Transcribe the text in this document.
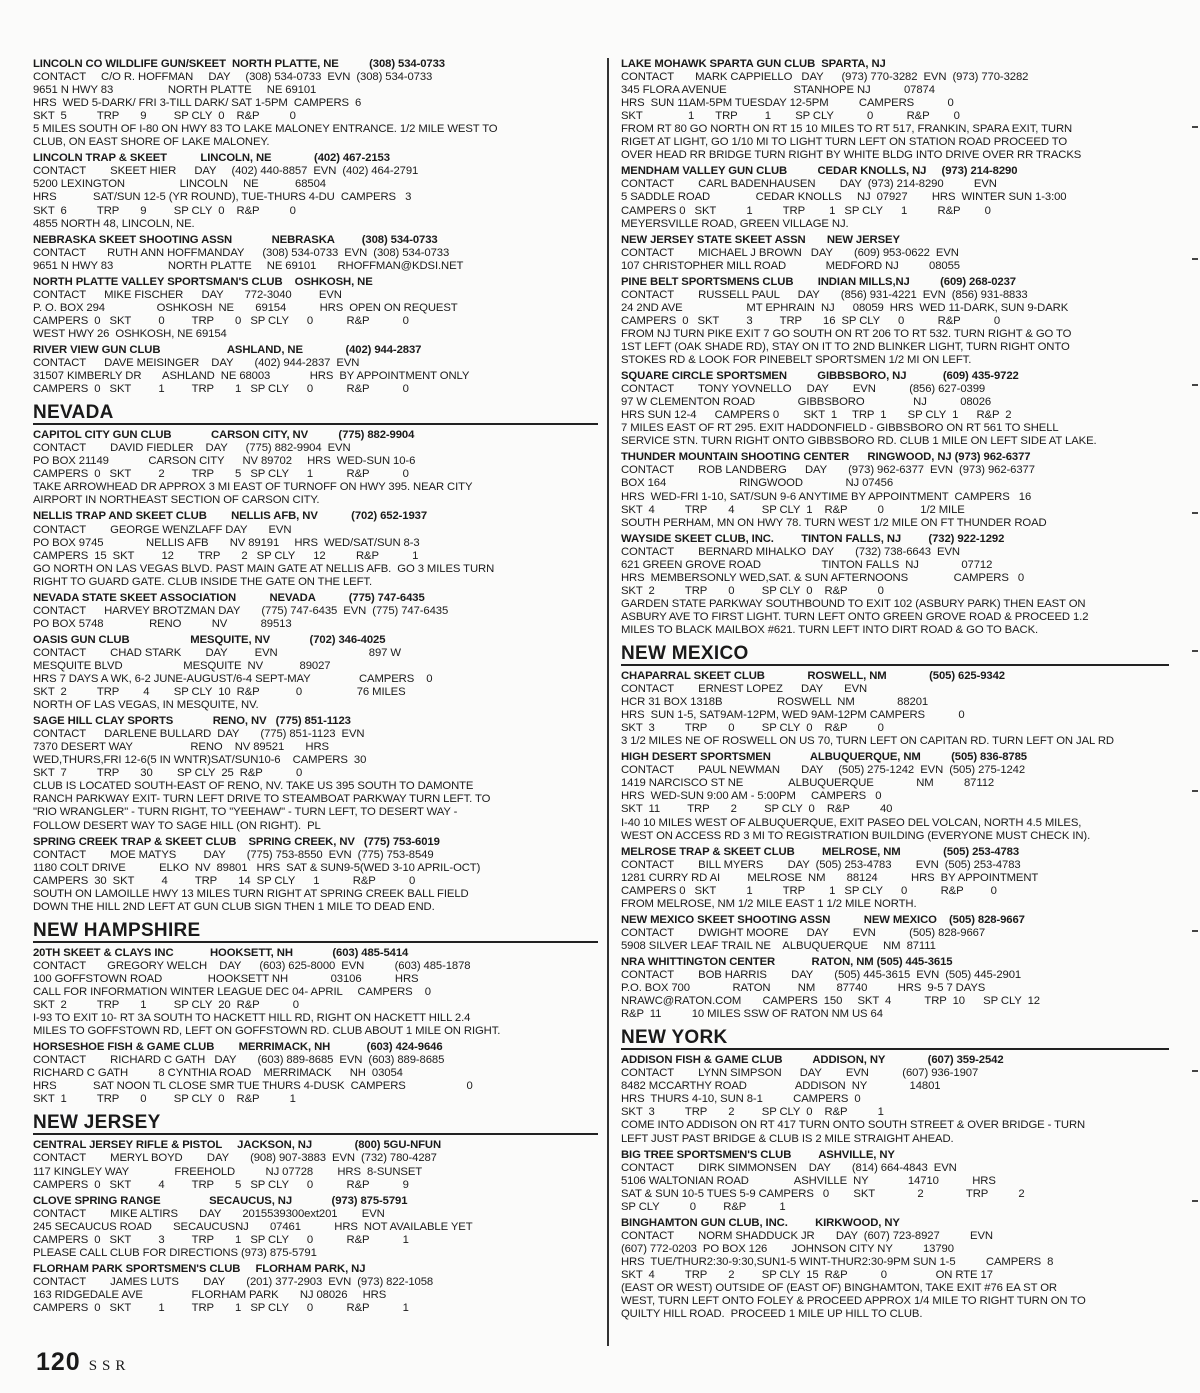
LINCOLN CO WILDLIFE GUN/SKEET  NORTH PLATTE, NE          (308) 534-0733
CONTACT     C/O R. HOFFMAN     DAY     (308) 534-0733  EVN  (308) 534-0733
9651 N HWY 83                  NORTH PLATTE     NE 69101
HRS  WED 5-DARK/ FRI 3-TILL DARK/ SAT 1-5PM  CAMPERS  6
SKT  5          TRP       9         SP CLY  0    R&P          0
5 MILES SOUTH OF I-80 ON HWY 83 TO LAKE MALONEY ENTRANCE. 1/2 MILE WEST TO
CLUB, ON EAST SHORE OF LAKE MALONEY.
LINCOLN TRAP & SKEET           LINCOLN, NE              (402) 467-2153
CONTACT        SKEET HIER      DAY     (402) 440-8857  EVN  (402) 464-2791
5200 LEXINGTON                  LINCOLN     NE            68504
HRS            SAT/SUN 12-5 (YR ROUND), TUE-THURS 4-DU  CAMPERS   3
SKT  6          TRP       9         SP CLY  0    R&P          0
4855 NORTH 48, LINCOLN, NE.
NEBRASKA SKEET SHOOTING ASSN             NEBRASKA         (308) 534-0733
CONTACT       RUTH ANN HOFFMANDAY      (308) 534-0733  EVN  (308) 534-0733
9651 N HWY 83                  NORTH PLATTE     NE 69101       RHOFFMAN@KDSI.NET
NORTH PLATTE VALLEY SPORTSMAN'S CLUB    OSHKOSH, NE
CONTACT      MIKE FISCHER      DAY       772-3040         EVN
P. O. BOX 294                 OSHKOSH  NE       69154           HRS  OPEN ON REQUEST
CAMPERS  0   SKT         0         TRP       0   SP CLY      0           R&P           0
WEST HWY 26  OSHKOSH, NE 69154
RIVER VIEW GUN CLUB                      ASHLAND, NE              (402) 944-2837
CONTACT      DAVE MEISINGER    DAY       (402) 944-2837  EVN
31507 KIMBERLY DR       ASHLAND  NE 68003             HRS  BY APPOINTMENT ONLY
CAMPERS  0   SKT         1         TRP       1   SP CLY      0           R&P           0
NEVADA
CAPITOL CITY GUN CLUB             CARSON CITY, NV          (775) 882-9904
CONTACT        DAVID FIEDLER    DAY      (775) 882-9904  EVN
PO BOX 21149             CARSON CITY      NV 89702     HRS  WED-SUN 10-6
CAMPERS  0   SKT         2         TRP       5   SP CLY      1           R&P           0
TAKE ARROWHEAD DR APPROX 3 MI EAST OF TURNOFF ON HWY 395. NEAR CITY
AIRPORT IN NORTHEAST SECTION OF CARSON CITY.
NELLIS TRAP AND SKEET CLUB        NELLIS AFB, NV           (702) 652-1937
CONTACT        GEORGE WENZLAFF DAY       EVN
PO BOX 9745              NELLIS AFB       NV 89191     HRS  WED/SAT/SUN 8-3
CAMPERS  15  SKT         12        TRP       2   SP CLY      12          R&P           1
GO NORTH ON LAS VEGAS BLVD. PAST MAIN GATE AT NELLIS AFB.  GO 3 MILES TURN
RIGHT TO GUARD GATE. CLUB INSIDE THE GATE ON THE LEFT.
NEVADA STATE SKEET ASSOCIATION           NEVADA           (775) 747-6435
CONTACT      HARVEY BROTZMAN DAY       (775) 747-6435  EVN  (775) 747-6435
PO BOX 5748               RENO          NV           89513
OASIS GUN CLUB                    MESQUITE, NV             (702) 346-4025
CONTACT        CHAD STARK        DAY         EVN                              897 W
MESQUITE BLVD                    MESQUITE  NV            89027
HRS 7 DAYS A WK, 6-2 JUNE-AUGUST/6-4 SEPT-MAY                CAMPERS    0
SKT  2          TRP        4        SP CLY  10  R&P            0                  76 MILES
NORTH OF LAS VEGAS, IN MESQUITE, NV.
SAGE HILL CLAY SPORTS             RENO, NV   (775) 851-1123
CONTACT      DARLENE BULLARD  DAY       (775) 851-1123  EVN
7370 DESERT WAY                   RENO    NV 89521       HRS
WED,THURS,FRI 12-6(5 IN WNTR)SAT/SUN10-6    CAMPERS  30
SKT  7          TRP       30        SP CLY  25  R&P           0
CLUB IS LOCATED SOUTH-EAST OF RENO, NV. TAKE US 395 SOUTH TO DAMONTE
RANCH PARKWAY EXIT- TURN LEFT DRIVE TO STEAMBOAT PARKWAY TURN LEFT. TO
"RIO WRANGLER" - TURN RIGHT, TO "YEEHAW" - TURN LEFT, TO DESERT WAY -
FOLLOW DESERT WAY TO SAGE HILL (ON RIGHT).  PL
SPRING CREEK TRAP & SKEET CLUB    SPRING CREEK, NV   (775) 753-6019
CONTACT        MOE MATYS         DAY       (775) 753-8550  EVN  (775) 753-8549
1180 COLT DRIVE           ELKO  NV  89801   HRS  SAT & SUN9-5(WED 3-10 APRIL-OCT)
CAMPERS  30  SKT         4         TRP       14  SP CLY      1           R&P           0
SOUTH ON LAMOILLE HWY 13 MILES TURN RIGHT AT SPRING CREEK BALL FIELD
DOWN THE HILL 2ND LEFT AT GUN CLUB SIGN THEN 1 MILE TO DEAD END.
NEW HAMPSHIRE
20TH SKEET & CLAYS INC            HOOKSETT, NH             (603) 485-5414
CONTACT       GREGORY WELCH    DAY      (603) 625-8000  EVN          (603) 485-1878
100 GOFFSTOWN ROAD               HOOKSETT NH              03106           HRS
CALL FOR INFORMATION WINTER LEAGUE DEC 04- APRIL     CAMPERS    0
SKT  2          TRP       1         SP CLY  20  R&P           0
I-93 TO EXIT 10- RT 3A SOUTH TO HACKETT HILL RD, RIGHT ON HACKETT HILL 2.4
MILES TO GOFFSTOWN RD, LEFT ON GOFFSTOWN RD. CLUB ABOUT 1 MILE ON RIGHT.
HORSESHOE FISH & GAME CLUB        MERRIMACK, NH            (603) 424-9646
CONTACT        RICHARD C GATH   DAY       (603) 889-8685  EVN  (603) 889-8685
RICHARD C GATH          8 CYNTHIA ROAD    MERRIMACK      NH  03054
HRS            SAT NOON TL CLOSE SMR TUE THURS 4-DUSK  CAMPERS                    0
SKT  1          TRP       0         SP CLY  0    R&P          1
NEW JERSEY
CENTRAL JERSEY RIFLE & PISTOL     JACKSON, NJ              (800) 5GU-NFUN
CONTACT        MERYL BOYD        DAY       (908) 907-3883  EVN  (732) 780-4287
117 KINGLEY WAY               FREEHOLD          NJ 07728        HRS  8-SUNSET
CAMPERS  0   SKT         4         TRP       5   SP CLY      0           R&P           9
CLOVE SPRING RANGE                SECAUCUS, NJ             (973) 875-5791
CONTACT        MIKE ALTIRS       DAY       2015539300ext201        EVN
245 SECAUCUS ROAD       SECAUCUSNJ       07461           HRS  NOT AVAILABLE YET
CAMPERS  0   SKT         3         TRP       1   SP CLY      0           R&P           1
PLEASE CALL CLUB FOR DIRECTIONS (973) 875-5791
FLORHAM PARK SPORTSMEN'S CLUB     FLORHAM PARK, NJ
CONTACT        JAMES LUTS        DAY       (201) 377-2903  EVN  (973) 822-1058
163 RIDGEDALE AVE                FLORHAM PARK       NJ 08026     HRS
CAMPERS  0   SKT         1         TRP       1   SP CLY      0           R&P           1
LAKE MOHAWK SPARTA GUN CLUB  SPARTA, NJ
CONTACT       MARK CAPPIELLO   DAY      (973) 770-3282  EVN  (973) 770-3282
345 FLORA AVENUE                      STANHOPE NJ           07874
HRS  SUN 11AM-5PM TUESDAY 12-5PM          CAMPERS           0
SKT               1       TRP         1        SP CLY           0           R&P        0
FROM RT 80 GO NORTH ON RT 15 10 MILES TO RT 517, FRANKIN, SPARA EXIT, TURN
RIGET AT LIGHT, GO 1/10 MI TO LIGHT TURN LEFT ON STATION ROAD PROCEED TO
OVER HEAD RR BRIDGE TURN RIGHT BY WHITE BLDG INTO DRIVE OVER RR TRACKS
MENDHAM VALLEY GUN CLUB          CEDAR KNOLLS, NJ     (973) 214-8290
CONTACT        CARL BADENHAUSEN        DAY  (973) 214-8290          EVN
5 SADDLE ROAD               CEDAR KNOLLS     NJ  07927        HRS  WINTER SUN 1-3:00
CAMPERS 0   SKT          1          TRP        1   SP CLY      1          R&P        0
MEYERSVILLE ROAD, GREEN VILLAGE NJ.
NEW JERSEY STATE SKEET ASSN       NEW JERSEY
CONTACT        MICHAEL J BROWN   DAY       (609) 953-0622  EVN
107 CHRISTOPHER MILL ROAD             MEDFORD NJ          08055
PINE BELT SPORTSMENS CLUB        INDIAN MILLS,NJ          (609) 268-0237
CONTACT        RUSSELL PAUL      DAY       (856) 931-4221  EVN  (856) 931-8833
24 2ND AVE                     MT EPHRAIN  NJ      08059  HRS  WED 11-DARK, SUN 9-DARK
CAMPERS  0   SKT         3         TRP       16  SP CLY      0           R&P           0
FROM NJ TURN PIKE EXIT 7 GO SOUTH ON RT 206 TO RT 532. TURN RIGHT & GO TO
1ST LEFT (OAK SHADE RD), STAY ON IT TO 2ND BLINKER LIGHT, TURN RIGHT ONTO
STOKES RD & LOOK FOR PINEBELT SPORTSMEN 1/2 MI ON LEFT.
SQUARE CIRCLE SPORTSMEN          GIBBSBORO, NJ            (609) 435-9722
CONTACT        TONY YOVNELLO     DAY        EVN           (856) 627-0399
97 W CLEMENTON ROAD              GIBBSBORO                NJ           08026
HRS SUN 12-4      CAMPERS 0        SKT  1     TRP  1       SP CLY  1      R&P  2
7 MILES EAST OF RT 295. EXIT HADDONFIELD - GIBBSBORO ON RT 561 TO SHELL
SERVICE STN. TURN RIGHT ONTO GIBBSBORO RD. CLUB 1 MILE ON LEFT SIDE AT LAKE.
THUNDER MOUNTAIN SHOOTING CENTER      RINGWOOD, NJ (973) 962-6377
CONTACT        ROB LANDBERG      DAY       (973) 962-6377  EVN  (973) 962-6377
BOX 164                        RINGWOOD              NJ 07456
HRS  WED-FRI 1-10, SAT/SUN 9-6 ANYTIME BY APPOINTMENT  CAMPERS   16
SKT  4          TRP       4         SP CLY  1    R&P          0            1/2 MILE
SOUTH PERHAM, MN ON HWY 78. TURN WEST 1/2 MILE ON FT THUNDER ROAD
WAYSIDE SKEET CLUB, INC.         TINTON FALLS, NJ         (732) 922-1292
CONTACT        BERNARD MIHALKO  DAY       (732) 738-6643  EVN
621 GREEN GROVE ROAD                    TINTON FALLS  NJ              07712
HRS  MEMBERSONLY WED,SAT. & SUN AFTERNOONS               CAMPERS   0
SKT  2          TRP       0         SP CLY  0    R&P          0
GARDEN STATE PARKWAY SOUTHBOUND TO EXIT 102 (ASBURY PARK) THEN EAST ON
ASBURY AVE TO FIRST LIGHT. TURN LEFT ONTO GREEN GROVE ROAD & PROCEED 1.2
MILES TO BLACK MAILBOX #621. TURN LEFT INTO DIRT ROAD & GO TO BACK.
NEW MEXICO
CHAPARRAL SKEET CLUB              ROSWELL, NM              (505) 625-9342
CONTACT        ERNEST LOPEZ      DAY       EVN
HCR 31 BOX 1318B                  ROSWELL  NM              88201
HRS  SUN 1-5, SAT9AM-12PM, WED 9AM-12PM CAMPERS           0
SKT  3          TRP       0         SP CLY  0    R&P          0
3 1/2 MILES NE OF ROSWELL ON US 70, TURN LEFT ON CAPITAN RD. TURN LEFT ON JAL RD
HIGH DESERT SPORTSMEN             ALBUQUERQUE, NM          (505) 836-8785
CONTACT        PAUL NEWMAN       DAY     (505) 275-1242  EVN  (505) 275-1242
1419 NARCISCO ST NE               ALBUQUERQUE              NM          87112
HRS  WED-SUN 9:00 AM - 5:00PM     CAMPERS   0
SKT  11         TRP       2         SP CLY  0    R&P          40
I-40 10 MILES WEST OF ALBUQUERQUE, EXIT PASEO DEL VOLCAN, NORTH 4.5 MILES,
WEST ON ACCESS RD 3 MI TO REGISTRATION BUILDING (EVERYONE MUST CHECK IN).
MELROSE TRAP & SKEET CLUB         MELROSE, NM              (505) 253-4783
CONTACT        BILL MYERS        DAY  (505) 253-4783        EVN  (505) 253-4783
1281 CURRY RD AI         MELROSE  NM       88124           HRS  BY APPOINTMENT
CAMPERS 0   SKT          1          TRP        1   SP CLY      0           R&P         0
FROM MELROSE, NM 1/2 MILE EAST 1 1/2 MILE NORTH.
NEW MEXICO SKEET SHOOTING ASSN           NEW MEXICO    (505) 828-9667
CONTACT        DWIGHT MOORE      DAY        EVN           (505) 828-9667
5908 SILVER LEAF TRAIL NE    ALBUQUERQUE     NM  87111
NRA WHITTINGTON CENTER            RATON, NM (505) 445-3615
CONTACT        BOB HARRIS        DAY       (505) 445-3615  EVN  (505) 445-2901
P.O. BOX 700              RATON         NM       87740          HRS  9-5 7 DAYS
NRAWC@RATON.COM       CAMPERS  150     SKT  4           TRP  10      SP CLY  12
R&P  11          10 MILES SSW OF RATON NM US 64
NEW YORK
ADDISON FISH & GAME CLUB          ADDISON, NY              (607) 359-2542
CONTACT        LYNN SIMPSON      DAY        EVN           (607) 936-1907
8482 MCCARTHY ROAD                ADDISON  NY              14801
HRS  THURS 4-10, SUN 8-1          CAMPERS  0
SKT  3          TRP       2         SP CLY  0    R&P          1
COME INTO ADDISON ON RT 417 TURN ONTO SOUTH STREET & OVER BRIDGE - TURN
LEFT JUST PAST BRIDGE & CLUB IS 2 MILE STRAIGHT AHEAD.
BIG TREE SPORTSMEN'S CLUB         ASHVILLE, NY
CONTACT        DIRK SIMMONSEN    DAY       (814) 664-4843  EVN
5106 WALTONIAN ROAD               ASHVILLE  NY             14710           HRS
SAT & SUN 10-5 TUES 5-9 CAMPERS   0        SKT              2              TRP          2
SP CLY          0         R&P           1
BINGHAMTON GUN CLUB, INC.         KIRKWOOD, NY
CONTACT        NORM SHADDUCK JR       DAY  (607) 723-8927          EVN
(607) 772-0203  PO BOX 126        JOHNSON CITY NY          13790
HRS  TUE/THUR2:30-9:30,SUN1-5 WINT-THUR2:30-9PM SUN 1-5          CAMPERS  8
SKT  4          TRP       2         SP CLY  15  R&P           0                ON RTE 17
(EAST OR WEST) OUTSIDE OF (EAST OF) BINGHAMTON, TAKE EXIT #76 EA ST OR
WEST, TURN LEFT ONTO FOLEY & PROCEED APPROX 1/4 MILE TO RIGHT TURN ON TO
QUILTY HILL ROAD.  PROCEED 1 MILE UP HILL TO CLUB.
120 SSR
